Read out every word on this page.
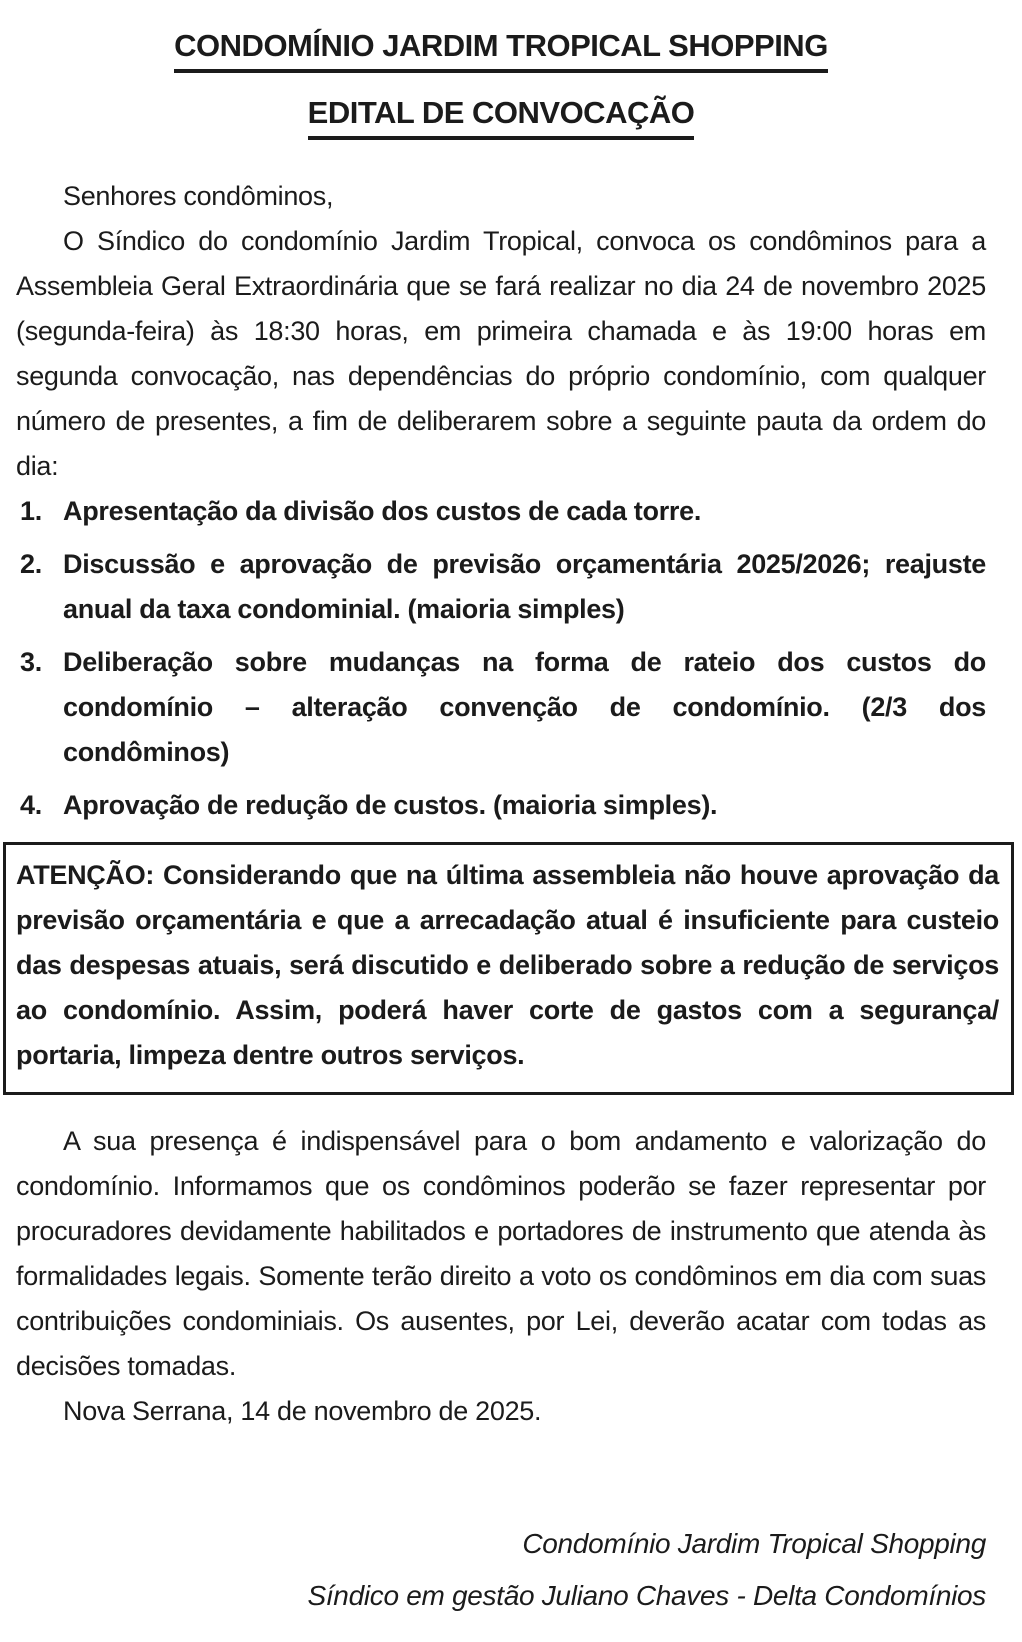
CONDOMÍNIO JARDIM TROPICAL SHOPPING
EDITAL DE CONVOCAÇÃO

Senhores condôminos,

O Síndico do condomínio Jardim Tropical, convoca os condôminos para a Assembleia Geral Extraordinária que se fará realizar no dia 24 de novembro 2025 (segunda-feira) às 18:30 horas, em primeira chamada e às 19:00 horas em segunda convocação, nas dependências do próprio condomínio, com qualquer número de presentes, a fim de deliberarem sobre a seguinte pauta da ordem do dia:

1. Apresentação da divisão dos custos de cada torre.
2. Discussão e aprovação de previsão orçamentária 2025/2026; reajuste anual da taxa condominial. (maioria simples)
3. Deliberação sobre mudanças na forma de rateio dos custos do condomínio – alteração convenção de condomínio. (2/3 dos condôminos)
4. Aprovação de redução de custos. (maioria simples).
ATENÇÃO: Considerando que na última assembleia não houve aprovação da previsão orçamentária e que a arrecadação atual é insuficiente para custeio das despesas atuais, será discutido e deliberado sobre a redução de serviços ao condomínio. Assim, poderá haver corte de gastos com a segurança/ portaria, limpeza dentre outros serviços.

A sua presença é indispensável para o bom andamento e valorização do condomínio. Informamos que os condôminos poderão se fazer representar por procuradores devidamente habilitados e portadores de instrumento que atenda às formalidades legais. Somente terão direito a voto os condôminos em dia com suas contribuições condominiais. Os ausentes, por Lei, deverão acatar com todas as decisões tomadas.

Nova Serrana, 14 de novembro de 2025.

Condomínio Jardim Tropical Shopping
Síndico em gestão Juliano Chaves - Delta Condomínios
